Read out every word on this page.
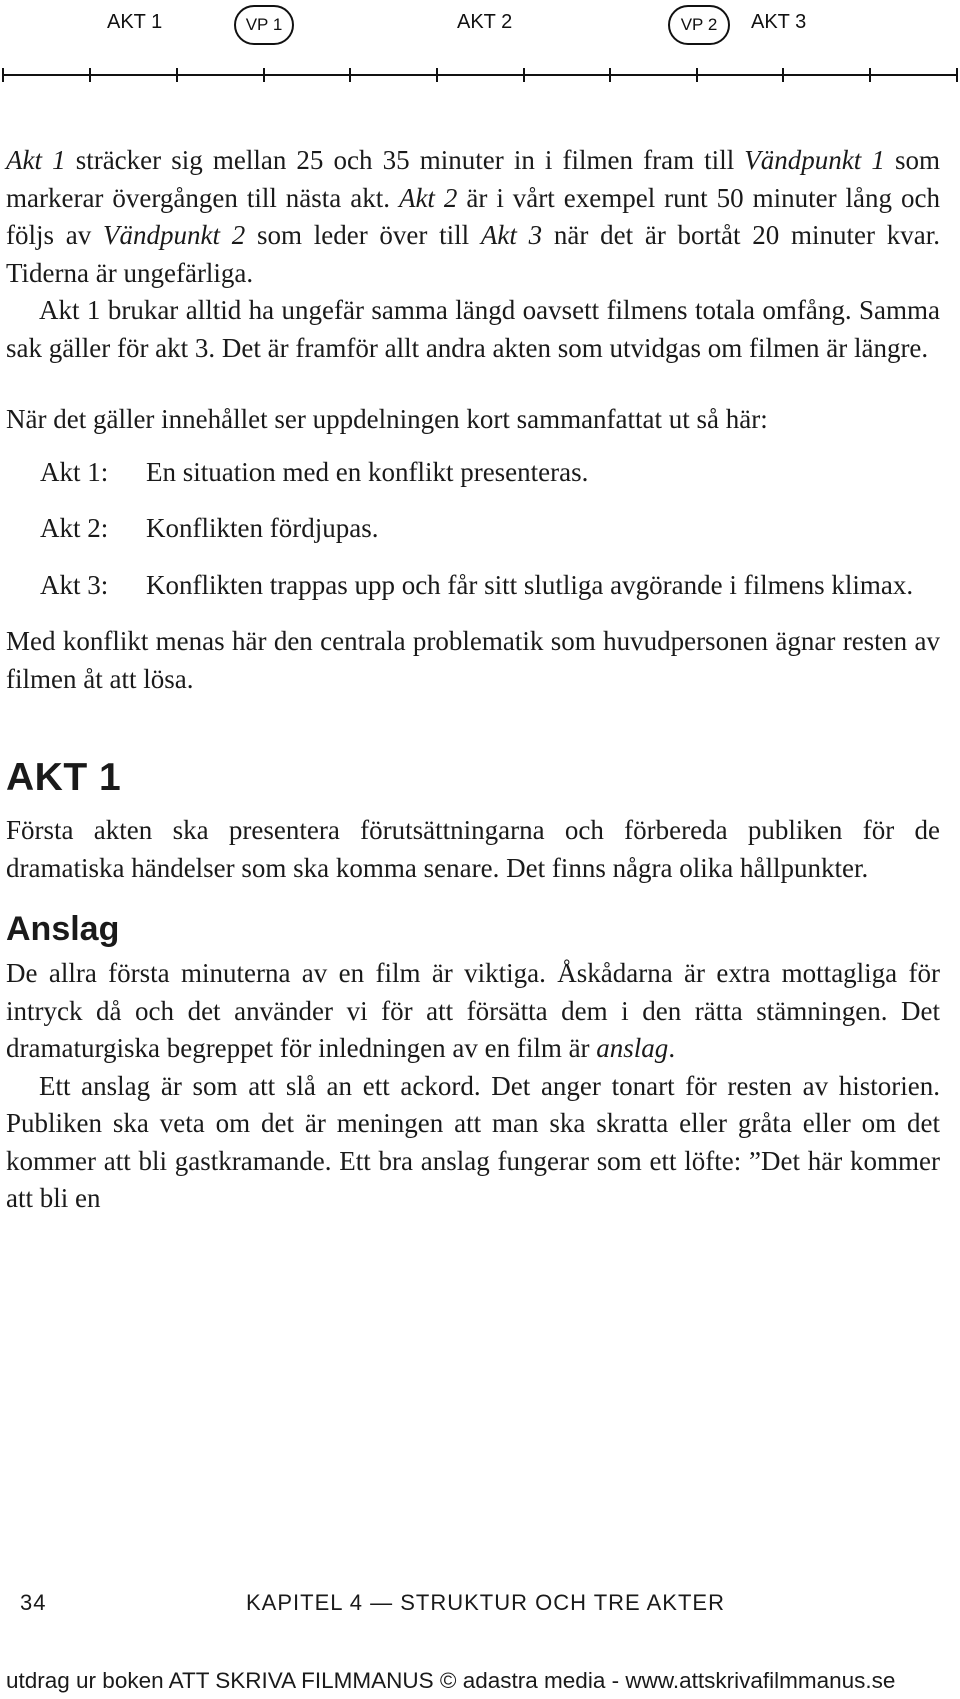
AKT 1	VP 1	AKT 2	VP 2	AKT 3

Akt 1 sträcker sig mellan 25 och 35 minuter in i filmen fram till Vändpunkt 1 som markerar övergången till nästa akt. Akt 2 är i vårt exempel runt 50 minuter lång och följs av Vändpunkt 2 som leder över till Akt 3 när det är bortåt 20 minuter kvar. Tiderna är ungefärliga.

Akt 1 brukar alltid ha ungefär samma längd oavsett filmens totala omfång. Samma sak gäller för akt 3. Det är framför allt andra akten som utvidgas om filmen är längre.

När det gäller innehållet ser uppdelningen kort sammanfattat ut så här:

Akt 1:	En situation med en konflikt presenteras.
Akt 2:	Konflikten fördjupas.
Akt 3:	Konflikten trappas upp och får sitt slutliga avgörande i filmens klimax.

Med konflikt menas här den centrala problematik som huvudpersonen ägnar resten av filmen åt att lösa.

AKT 1

Första akten ska presentera förutsättningarna och förbereda publiken för de dramatiska händelser som ska komma senare. Det finns några olika hållpunkter.

Anslag

De allra första minuterna av en film är viktiga. Åskådarna är extra mottagliga för intryck då och det använder vi för att försätta dem i den rätta stämningen. Det dramaturgiska begreppet för inledningen av en film är anslag.

Ett anslag är som att slå an ett ackord. Det anger tonart för resten av historien. Publiken ska veta om det är meningen att man ska skratta eller gråta eller om det kommer att bli gastkramande. Ett bra anslag fungerar som ett löfte: ”Det här kommer att bli en

34	KAPITEL 4 — STRUKTUR OCH TRE AKTER
utdrag ur boken ATT SKRIVA FILMMANUS © adastra media - www.attskrivafilmmanus.se
